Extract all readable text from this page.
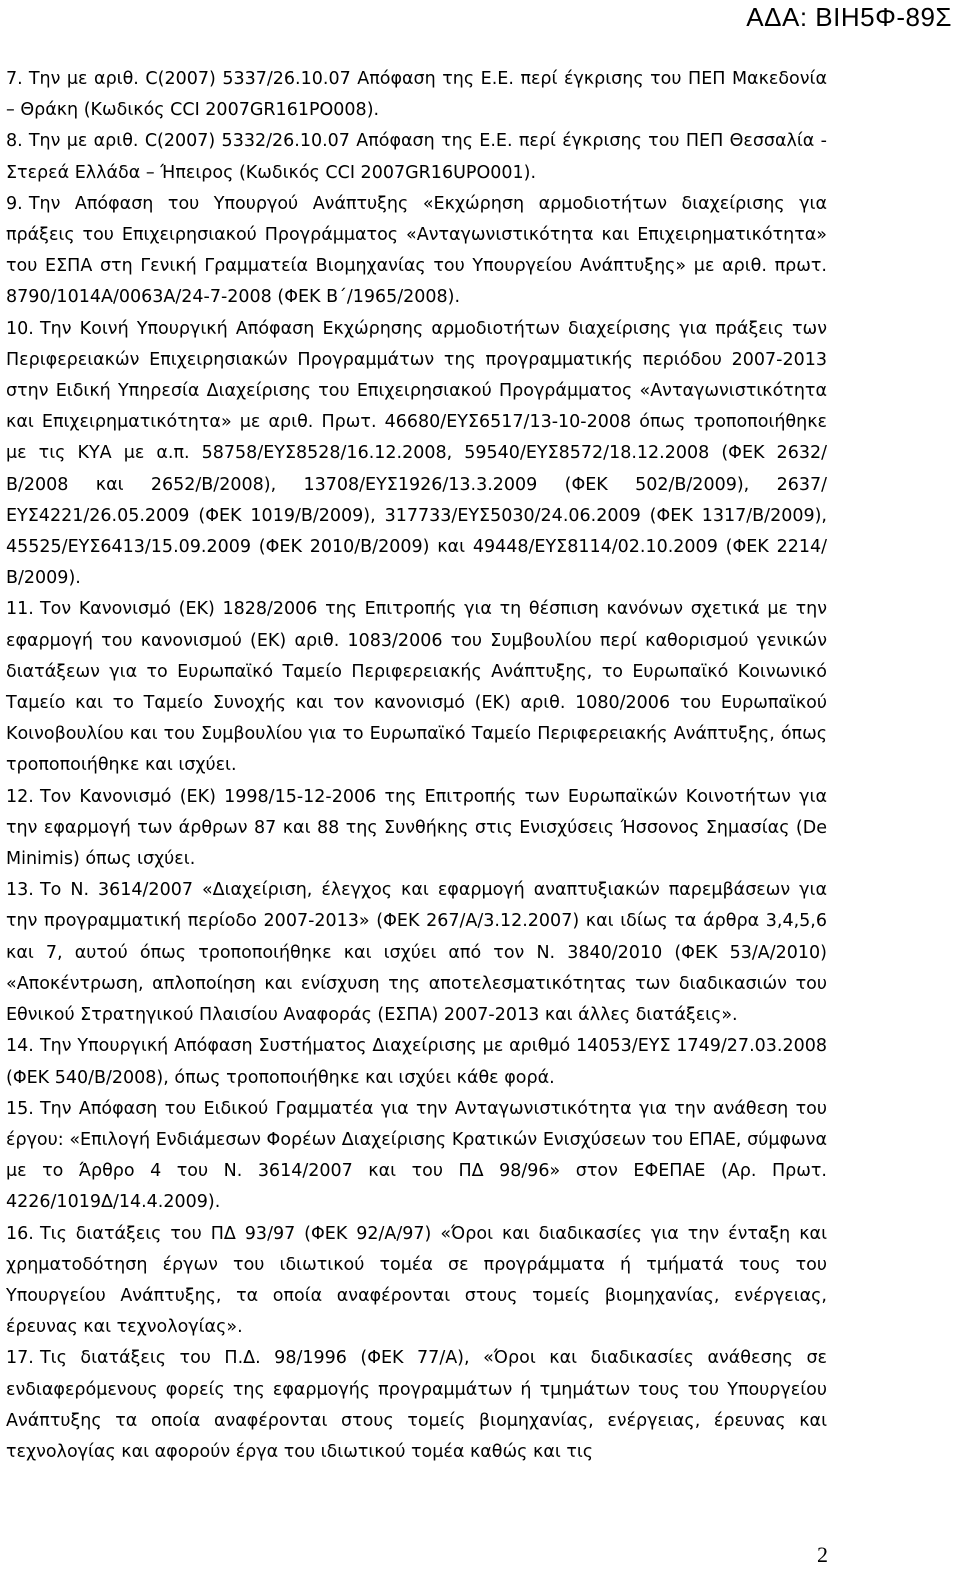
ΑΔΑ: ΒΙΗ5Φ-89Σ

7. Την με αριθ. C(2007) 5337/26.10.07 Απόφαση της Ε.Ε. περί έγκρισης του ΠΕΠ Μακεδονία – Θράκη (Κωδικός CCI 2007GR161PO008).

8. Την με αριθ. C(2007) 5332/26.10.07 Απόφαση της Ε.Ε. περί έγκρισης του ΠΕΠ Θεσσαλία - Στερεά Ελλάδα – Ήπειρος (Κωδικός CCI 2007GR16UPO001).

9. Την Απόφαση του Υπουργού Ανάπτυξης «Εκχώρηση αρμοδιοτήτων διαχείρισης για πράξεις του Επιχειρησιακού Προγράμματος «Ανταγωνιστικότητα και Επιχειρηματικότητα» του ΕΣΠΑ στη Γενική Γραμματεία Βιομηχανίας του Υπουργείου Ανάπτυξης» με αριθ. πρωτ. 8790/1014Α/0063Α/24-7-2008 (ΦΕΚ Β΄/1965/2008).

10. Την Κοινή Υπουργική Απόφαση Εκχώρησης αρμοδιοτήτων διαχείρισης για πράξεις των Περιφερειακών Επιχειρησιακών Προγραμμάτων της προγραμματικής περιόδου 2007-2013 στην Ειδική Υπηρεσία Διαχείρισης του Επιχειρησιακού Προγράμματος «Ανταγωνιστικότητα και Επιχειρηματικότητα» με αριθ. Πρωτ. 46680/ΕΥΣ6517/13-10-2008 όπως τροποποιήθηκε με τις ΚΥΑ με α.π. 58758/ΕΥΣ8528/16.12.2008, 59540/ΕΥΣ8572/18.12.2008 (ΦΕΚ 2632/Β/2008 και 2652/Β/2008), 13708/ΕΥΣ1926/13.3.2009 (ΦΕΚ 502/Β/2009), 2637/ΕΥΣ4221/26.05.2009 (ΦΕΚ 1019/Β/2009), 317733/ΕΥΣ5030/24.06.2009 (ΦΕΚ 1317/Β/2009), 45525/ΕΥΣ6413/15.09.2009 (ΦΕΚ 2010/Β/2009) και 49448/ΕΥΣ8114/02.10.2009 (ΦΕΚ 2214/Β/2009).

11. Τον Κανονισμό (ΕΚ) 1828/2006 της Επιτροπής για τη θέσπιση κανόνων σχετικά με την εφαρμογή του κανονισμού (ΕΚ) αριθ. 1083/2006 του Συμβουλίου περί καθορισμού γενικών διατάξεων για το Ευρωπαϊκό Ταμείο Περιφερειακής Ανάπτυξης, το Ευρωπαϊκό Κοινωνικό Ταμείο και το Ταμείο Συνοχής και τον κανονισμό (ΕΚ) αριθ. 1080/2006 του Ευρωπαϊκού Κοινοβουλίου και του Συμβουλίου για το Ευρωπαϊκό Ταμείο Περιφερειακής Ανάπτυξης, όπως τροποποιήθηκε και ισχύει.

12. Τον Κανονισμό (ΕΚ) 1998/15-12-2006 της Επιτροπής των Ευρωπαϊκών Κοινοτήτων για την εφαρμογή των άρθρων 87 και 88 της Συνθήκης στις Ενισχύσεις Ήσσονος Σημασίας (De Minimis) όπως ισχύει.

13. Το Ν. 3614/2007 «Διαχείριση, έλεγχος και εφαρμογή αναπτυξιακών παρεμβάσεων για την προγραμματική περίοδο 2007-2013» (ΦΕΚ 267/Α/3.12.2007) και ιδίως τα άρθρα 3,4,5,6 και 7, αυτού όπως τροποποιήθηκε και ισχύει από τον Ν. 3840/2010 (ΦΕΚ 53/Α/2010) «Αποκέντρωση, απλοποίηση και ενίσχυση της αποτελεσματικότητας των διαδικασιών του Εθνικού Στρατηγικού Πλαισίου Αναφοράς (ΕΣΠΑ) 2007-2013 και άλλες διατάξεις».

14. Την Υπουργική Απόφαση Συστήματος Διαχείρισης με αριθμό 14053/ΕΥΣ 1749/27.03.2008 (ΦΕΚ 540/Β/2008), όπως τροποποιήθηκε και ισχύει κάθε φορά.

15. Την Απόφαση του Ειδικού Γραμματέα για την Ανταγωνιστικότητα για την ανάθεση του έργου: «Επιλογή Ενδιάμεσων Φορέων Διαχείρισης Κρατικών Ενισχύσεων του ΕΠΑΕ, σύμφωνα με το Άρθρο 4 του Ν. 3614/2007 και του ΠΔ 98/96» στον ΕΦΕΠΑΕ (Αρ. Πρωτ. 4226/1019Δ/14.4.2009).

16. Τις διατάξεις του ΠΔ 93/97 (ΦΕΚ 92/Α/97) «Όροι και διαδικασίες για την ένταξη και χρηματοδότηση έργων του ιδιωτικού τομέα σε προγράμματα ή τμήματά τους του Υπουργείου Ανάπτυξης, τα οποία αναφέρονται στους τομείς βιομηχανίας, ενέργειας, έρευνας και τεχνολογίας».

17. Τις διατάξεις του Π.Δ. 98/1996 (ΦΕΚ 77/Α), «Όροι και διαδικασίες ανάθεσης σε ενδιαφερόμενους φορείς της εφαρμογής προγραμμάτων ή τμημάτων τους του Υπουργείου Ανάπτυξης τα οποία αναφέρονται στους τομείς βιομηχανίας, ενέργειας, έρευνας και τεχνολογίας και αφορούν έργα του ιδιωτικού τομέα καθώς και τις

2
